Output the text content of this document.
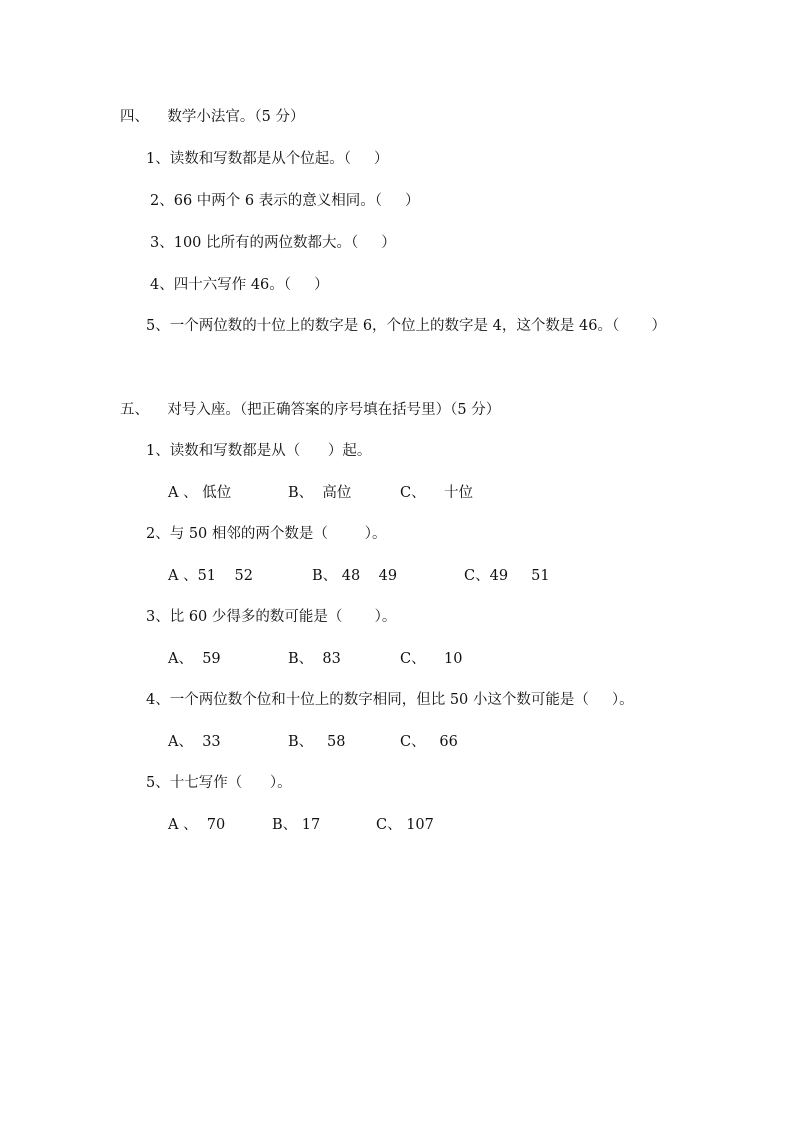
四、    数学小法官。（5 分）
1、读数和写数都是从个位起。（     ）
2、66 中两个 6 表示的意义相同。（     ）
3、100 比所有的两位数都大。（     ）
4、四十六写作 46。（     ）
5、一个两位数的十位上的数字是 6，个位上的数字是 4，这个数是 46。（       ）
五、    对号入座。（把正确答案的序号填在括号里）（5 分）
1、读数和写数都是从（      ）起。
A 、 低位	B、  高位	C、    十位
2、与 50 相邻的两个数是（        ）。
A 、51    52	B、 48    49	C、49     51
3、比 60 少得多的数可能是（       ）。
A、  59	B、  83	C、    10
4、一个两位数个位和十位上的数字相同，但比 50 小这个数可能是（     ）。
A、  33	B、   58	C、   66
5、十七写作（      ）。
A 、  70	B、 17	C、 107
